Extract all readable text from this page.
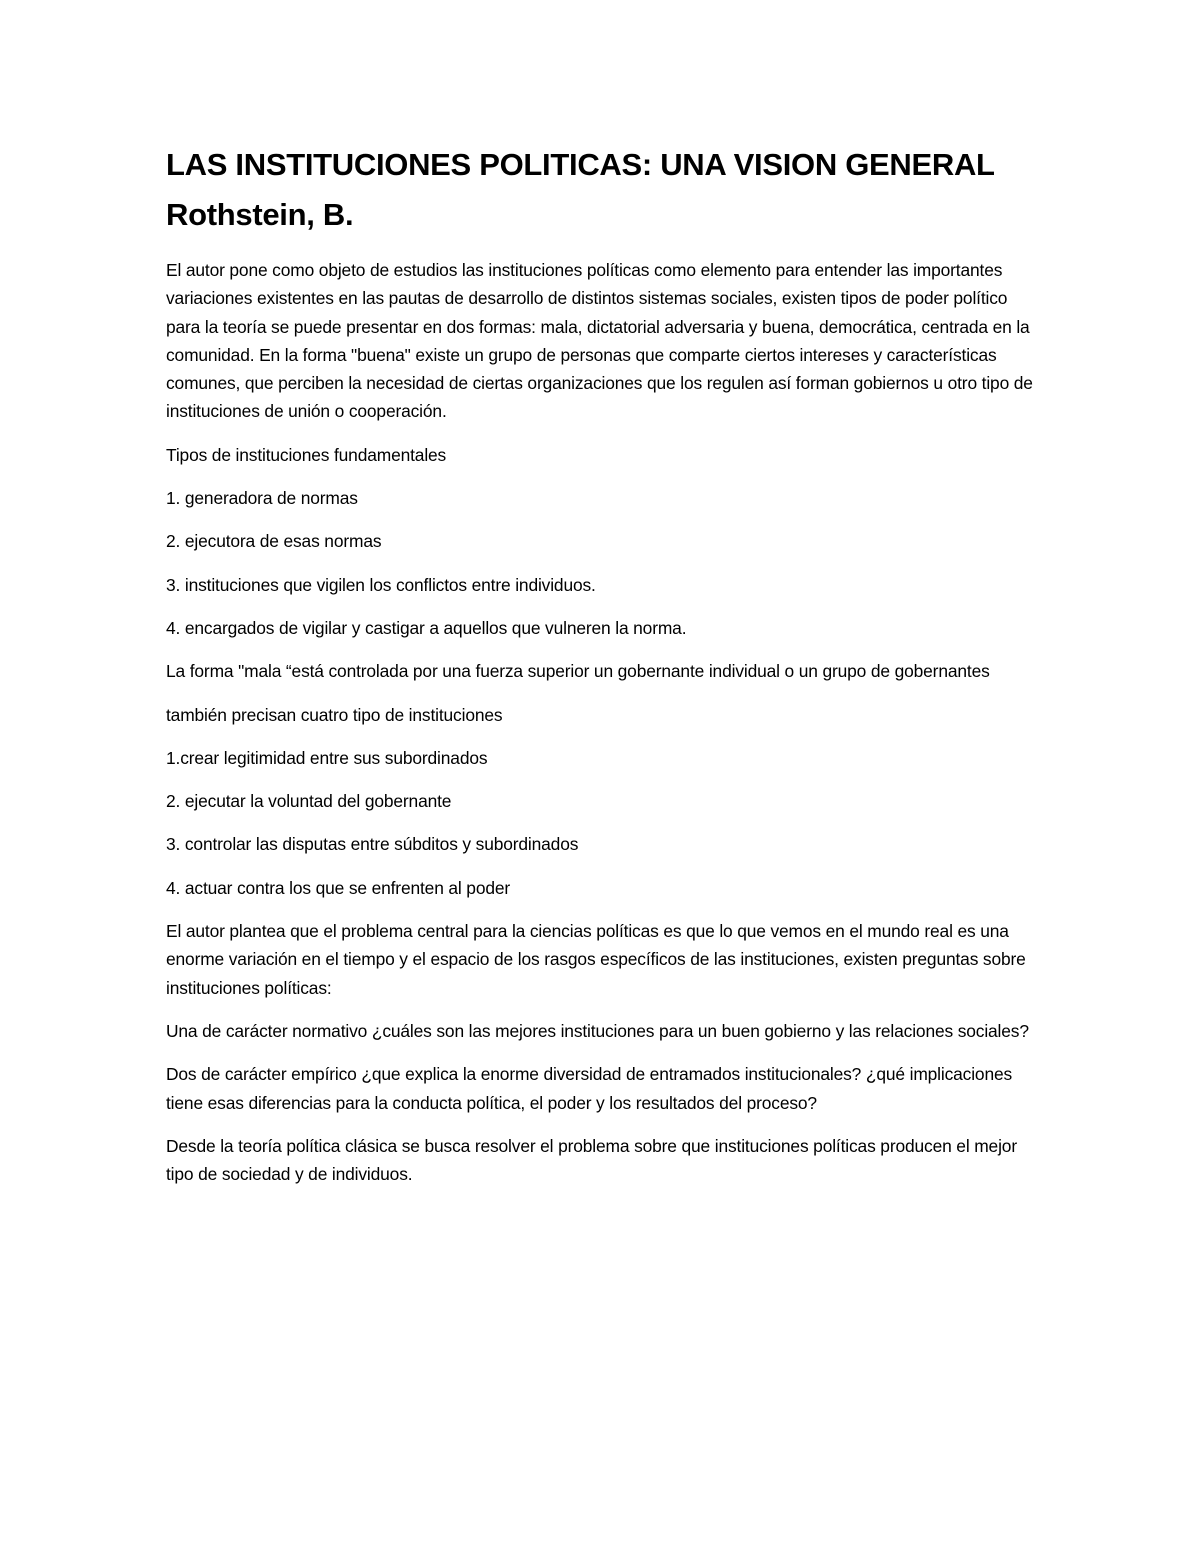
LAS INSTITUCIONES POLITICAS: UNA VISION GENERAL Rothstein, B.

El autor pone como objeto de estudios las instituciones políticas como elemento para entender las importantes variaciones existentes en las pautas de desarrollo de distintos sistemas sociales, existen tipos de poder político para la teoría se puede presentar en dos formas: mala, dictatorial adversaria y buena, democrática, centrada en la comunidad. En la forma "buena" existe un grupo de personas que comparte ciertos intereses y características comunes, que perciben la necesidad de ciertas organizaciones que los regulen así forman gobiernos u otro tipo de instituciones de unión o cooperación.

Tipos de instituciones fundamentales

1. generadora de normas

2. ejecutora de esas normas

3. instituciones que vigilen los conflictos entre individuos.

4. encargados de vigilar y castigar a aquellos que vulneren la norma.

La forma "mala “está controlada por una fuerza superior un gobernante individual o un grupo de gobernantes

también precisan cuatro tipo de instituciones

1.crear legitimidad entre sus subordinados

2. ejecutar la voluntad del gobernante

3. controlar las disputas entre súbditos y subordinados

4. actuar contra los que se enfrenten al poder

El autor plantea que el problema central para la ciencias políticas es que lo que vemos en el mundo real es una enorme variación en el tiempo y el espacio de los rasgos específicos de las instituciones, existen preguntas sobre instituciones políticas:

Una de carácter normativo ¿cuáles son las mejores instituciones para un buen gobierno y las relaciones sociales?

Dos de carácter empírico ¿que explica la enorme diversidad de entramados institucionales? ¿qué implicaciones tiene esas diferencias para la conducta política, el poder y los resultados del proceso?

Desde la teoría política clásica se busca resolver el problema sobre que instituciones políticas producen el mejor tipo de sociedad y de individuos.
